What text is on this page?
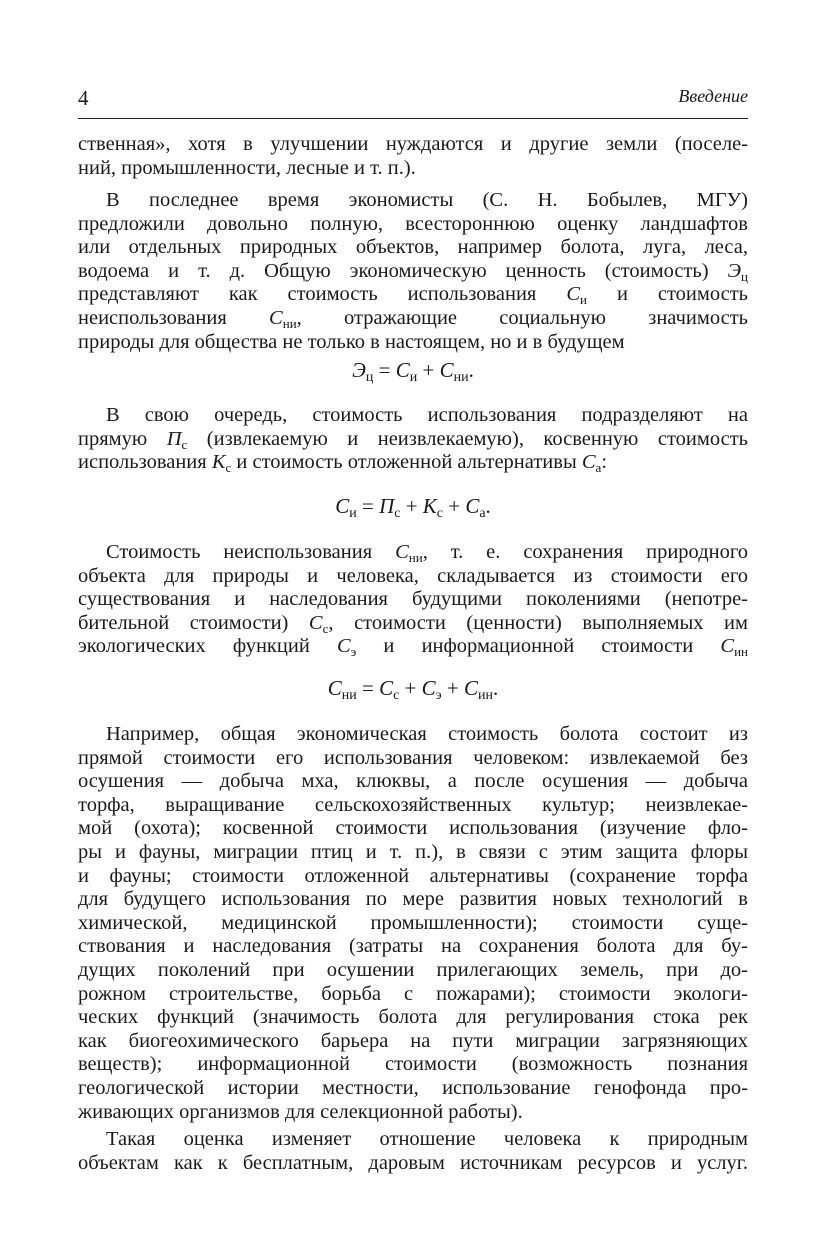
4	Введение
ственная», хотя в улучшении нуждаются и другие земли (поселе-
ний, промышленности, лесные и т. п.).
В последнее время экономисты (С. Н. Бобылев, МГУ)
предложили довольно полную, всестороннюю оценку ландшафтов
или отдельных природных объектов, например болота, луга, леса,
водоема и т. д. Общую экономическую ценность (стоимость) $Э_ц$
представляют как стоимость использования $С_и$ и стоимость
неиспользования $С_{ни}$, отражающие социальную значимость
природы для общества не только в настоящем, но и в будущем
$Э_ц = С_и + С_{ни}$.
В свою очередь, стоимость использования подразделяют на
прямую $П_с$ (извлекаемую и неизвлекаемую), косвенную стоимость
использования $К_с$ и стоимость отложенной альтернативы $С_а$:
$С_и = П_с + К_с + С_а$.
Стоимость неиспользования $С_{ни}$, т. е. сохранения природного
объекта для природы и человека, складывается из стоимости его
существования и наследования будущими поколениями (непотре-
бительной стоимости) $С_с$, стоимости (ценности) выполняемых им
экологических функций $С_э$ и информационной стоимости $С_{ин}$
$С_{ни} = С_с + С_э + С_{ин}$.
Например, общая экономическая стоимость болота состоит из
прямой стоимости его использования человеком: извлекаемой без
осушения — добыча мха, клюквы, а после осушения — добыча
торфа, выращивание сельскохозяйственных культур; неизвлекае-
мой (охота); косвенной стоимости использования (изучение фло-
ры и фауны, миграции птиц и т. п.), в связи с этим защита флоры
и фауны; стоимости отложенной альтернативы (сохранение торфа
для будущего использования по мере развития новых технологий в
химической, медицинской промышленности); стоимости суще-
ствования и наследования (затраты на сохранения болота для бу-
дущих поколений при осушении прилегающих земель, при до-
рожном строительстве, борьба с пожарами); стоимости экологи-
ческих функций (значимость болота для регулирования стока рек
как биогеохимического барьера на пути миграции загрязняющих
веществ); информационной стоимости (возможность познания
геологической истории местности, использование генофонда про-
живающих организмов для селекционной работы).
Такая оценка изменяет отношение человека к природным
объектам как к бесплатным, даровым источникам ресурсов и услуг.
